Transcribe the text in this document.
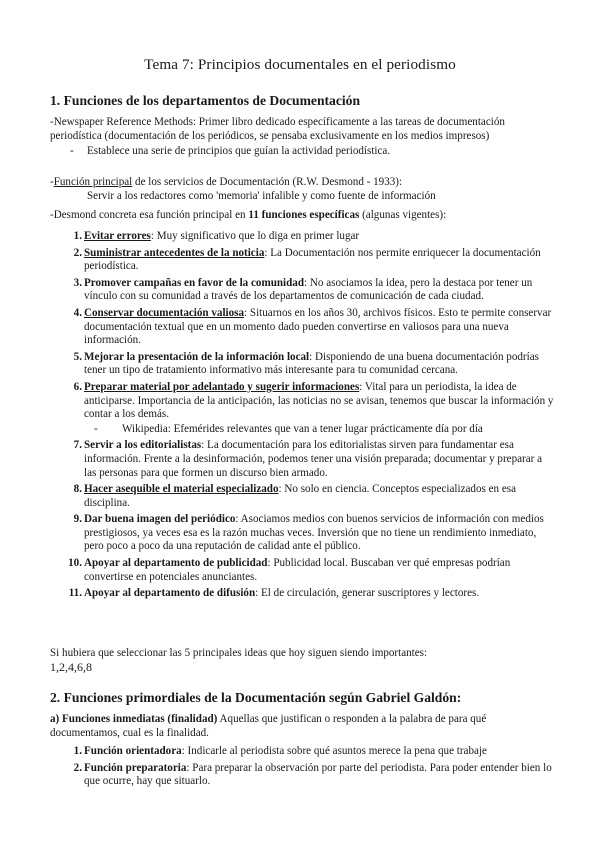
Tema 7: Principios documentales en el periodismo
1. Funciones de los departamentos de Documentación
-Newspaper Reference Methods: Primer libro dedicado específicamente a las tareas de documentación
periodística (documentación de los periódicos, se pensaba exclusivamente en los medios impresos)
- Establece una serie de principios que guían la actividad periodística.
-Función principal de los servicios de Documentación (R.W. Desmond - 1933):
Servir a los redactores como 'memoria' infalible y como fuente de información
-Desmond concreta esa función principal en 11 funciones específicas (algunas vigentes):
1. Evitar errores: Muy significativo que lo diga en primer lugar
2. Suministrar antecedentes de la noticia: La Documentación nos permite enriquecer la documentación periodística.
3. Promover campañas en favor de la comunidad: No asociamos la idea, pero la destaca por tener un vínculo con su comunidad a través de los departamentos de comunicación de cada ciudad.
4. Conservar documentación valiosa: Situarnos en los años 30, archivos físicos. Esto te permite conservar documentación textual que en un momento dado pueden convertirse en valiosos para una nueva información.
5. Mejorar la presentación de la información local: Disponiendo de una buena documentación podrías tener un tipo de tratamiento informativo más interesante para tu comunidad cercana.
6. Preparar material por adelantado y sugerir informaciones: Vital para un periodista, la idea de anticiparse. Importancia de la anticipación, las noticias no se avisan, tenemos que buscar la información y contar a los demás.
- Wikipedia: Efemérides relevantes que van a tener lugar prácticamente día por día
7. Servir a los editorialistas: La documentación para los editorialistas sirven para fundamentar esa información. Frente a la desinformación, podemos tener una visión preparada; documentar y preparar a las personas para que formen un discurso bien armado.
8. Hacer asequible el material especializado: No solo en ciencia. Conceptos especializados en esa disciplina.
9. Dar buena imagen del periódico: Asociamos medios con buenos servicios de información con medios prestigiosos, ya veces esa es la razón muchas veces. Inversión que no tiene un rendimiento inmediato, pero poco a poco da una reputación de calidad ante el público.
10. Apoyar al departamento de publicidad: Publicidad local. Buscaban ver qué empresas podrían convertirse en potenciales anunciantes.
11. Apoyar al departamento de difusión: El de circulación, generar suscriptores y lectores.
Si hubiera que seleccionar las 5 principales ideas que hoy siguen siendo importantes:
1,2,4,6,8
2. Funciones primordiales de la Documentación según Gabriel Galdón:
a) Funciones inmediatas (finalidad) Aquellas que justifican o responden a la palabra de para qué documentamos, cual es la finalidad.
1. Función orientadora: Indicarle al periodista sobre qué asuntos merece la pena que trabaje
2. Función preparatoria: Para preparar la observación por parte del periodista. Para poder entender bien lo que ocurre, hay que situarlo.
